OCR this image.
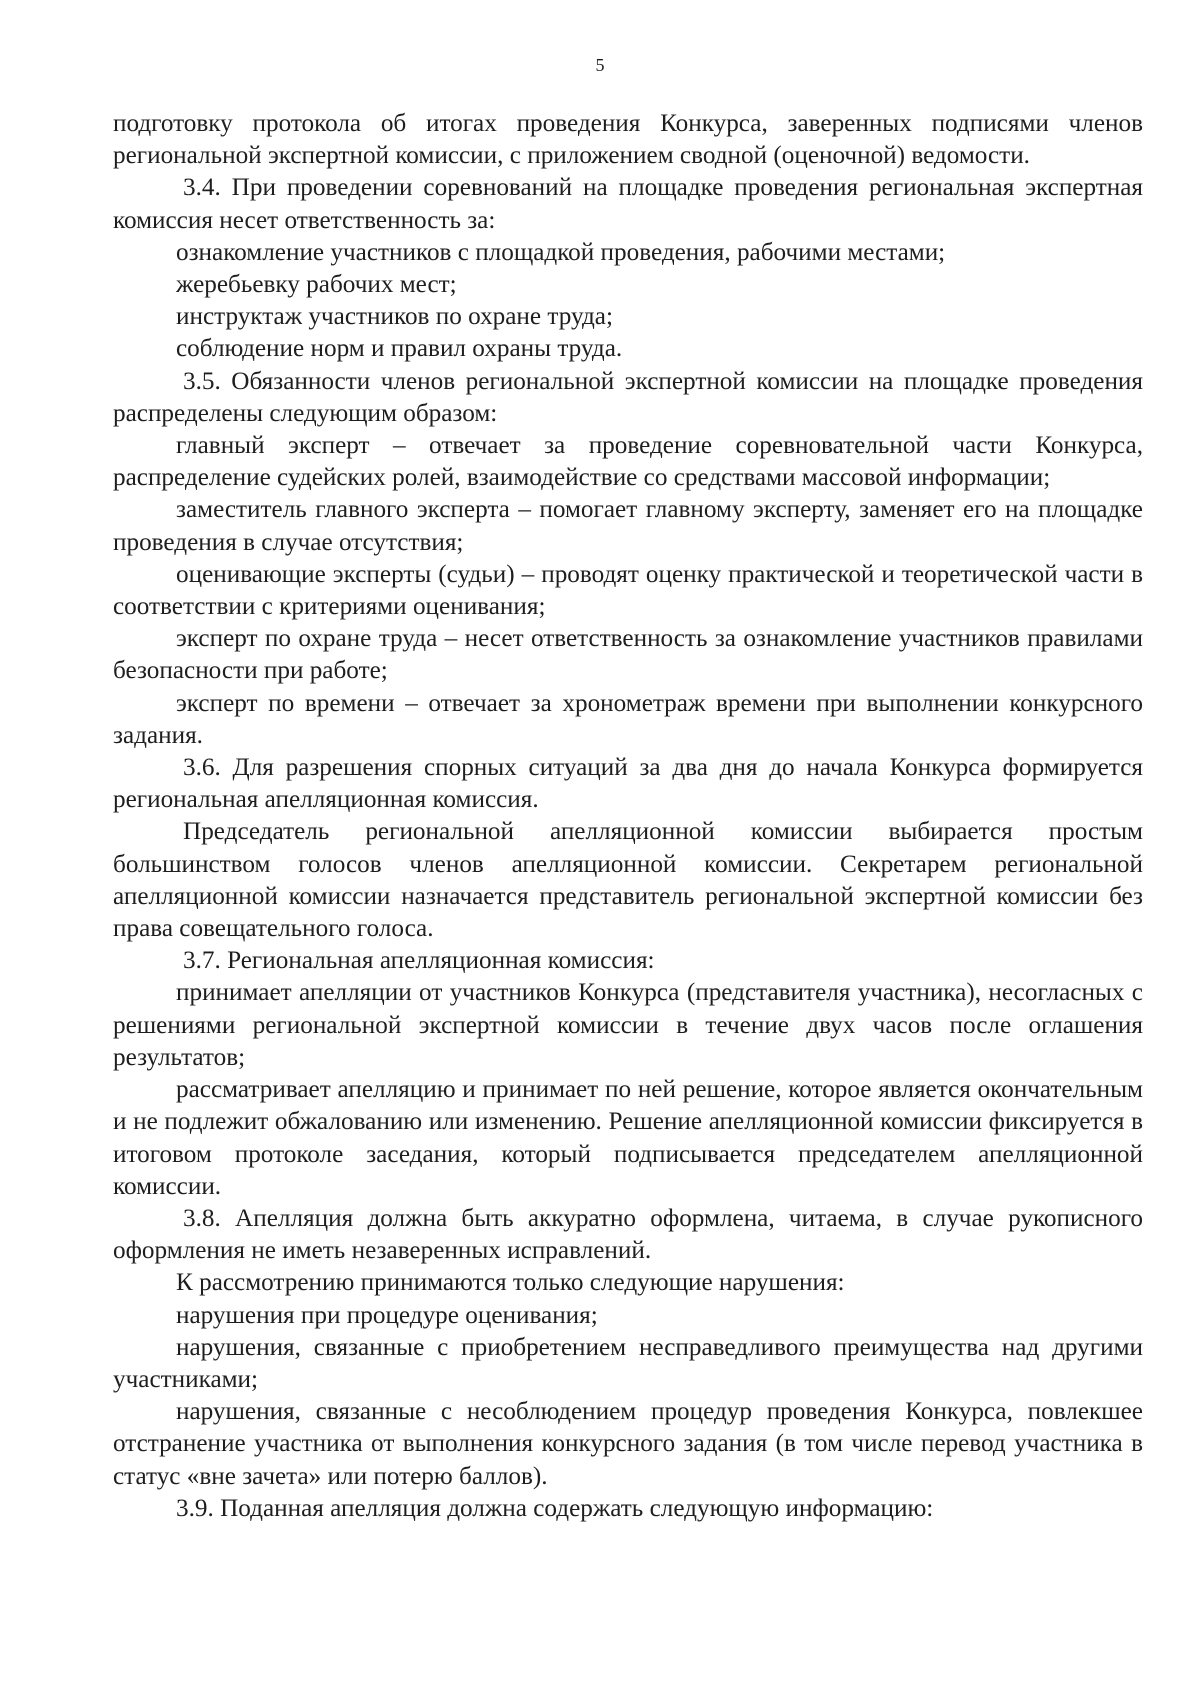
5

подготовку протокола об итогах проведения Конкурса, заверенных подписями членов региональной экспертной комиссии, с приложением сводной (оценочной) ведомости.

3.4. При проведении соревнований на площадке проведения региональная экспертная комиссия несет ответственность за:

ознакомление участников с площадкой проведения, рабочими местами;

жеребьевку рабочих мест;

инструктаж участников по охране труда;

соблюдение норм и правил охраны труда.

3.5. Обязанности членов региональной экспертной комиссии на площадке проведения распределены следующим образом:

главный эксперт – отвечает за проведение соревновательной части Конкурса, распределение судейских ролей, взаимодействие со средствами массовой информации;

заместитель главного эксперта – помогает главному эксперту, заменяет его на площадке проведения в случае отсутствия;

оценивающие эксперты (судьи) – проводят оценку практической и теоретической части в соответствии с критериями оценивания;

эксперт по охране труда – несет ответственность за ознакомление участников правилами безопасности при работе;

эксперт по времени – отвечает за хронометраж времени при выполнении конкурсного задания.

3.6. Для разрешения спорных ситуаций за два дня до начала Конкурса формируется региональная апелляционная комиссия.

Председатель региональной апелляционной комиссии выбирается простым большинством голосов членов апелляционной комиссии. Секретарем региональной апелляционной комиссии назначается представитель региональной экспертной комиссии без права совещательного голоса.

3.7. Региональная апелляционная комиссия:

принимает апелляции от участников Конкурса (представителя участника), несогласных с решениями региональной экспертной комиссии в течение двух часов после оглашения результатов;

рассматривает апелляцию и принимает по ней решение, которое является окончательным и не подлежит обжалованию или изменению. Решение апелляционной комиссии фиксируется в итоговом протоколе заседания, который подписывается председателем апелляционной комиссии.

3.8. Апелляция должна быть аккуратно оформлена, читаема, в случае рукописного оформления не иметь незаверенных исправлений.

К рассмотрению принимаются только следующие нарушения:

нарушения при процедуре оценивания;

нарушения, связанные с приобретением несправедливого преимущества над другими участниками;

нарушения, связанные с несоблюдением процедур проведения Конкурса, повлекшее отстранение участника от выполнения конкурсного задания (в том числе перевод участника в статус «вне зачета» или потерю баллов).

3.9. Поданная апелляция должна содержать следующую информацию:
